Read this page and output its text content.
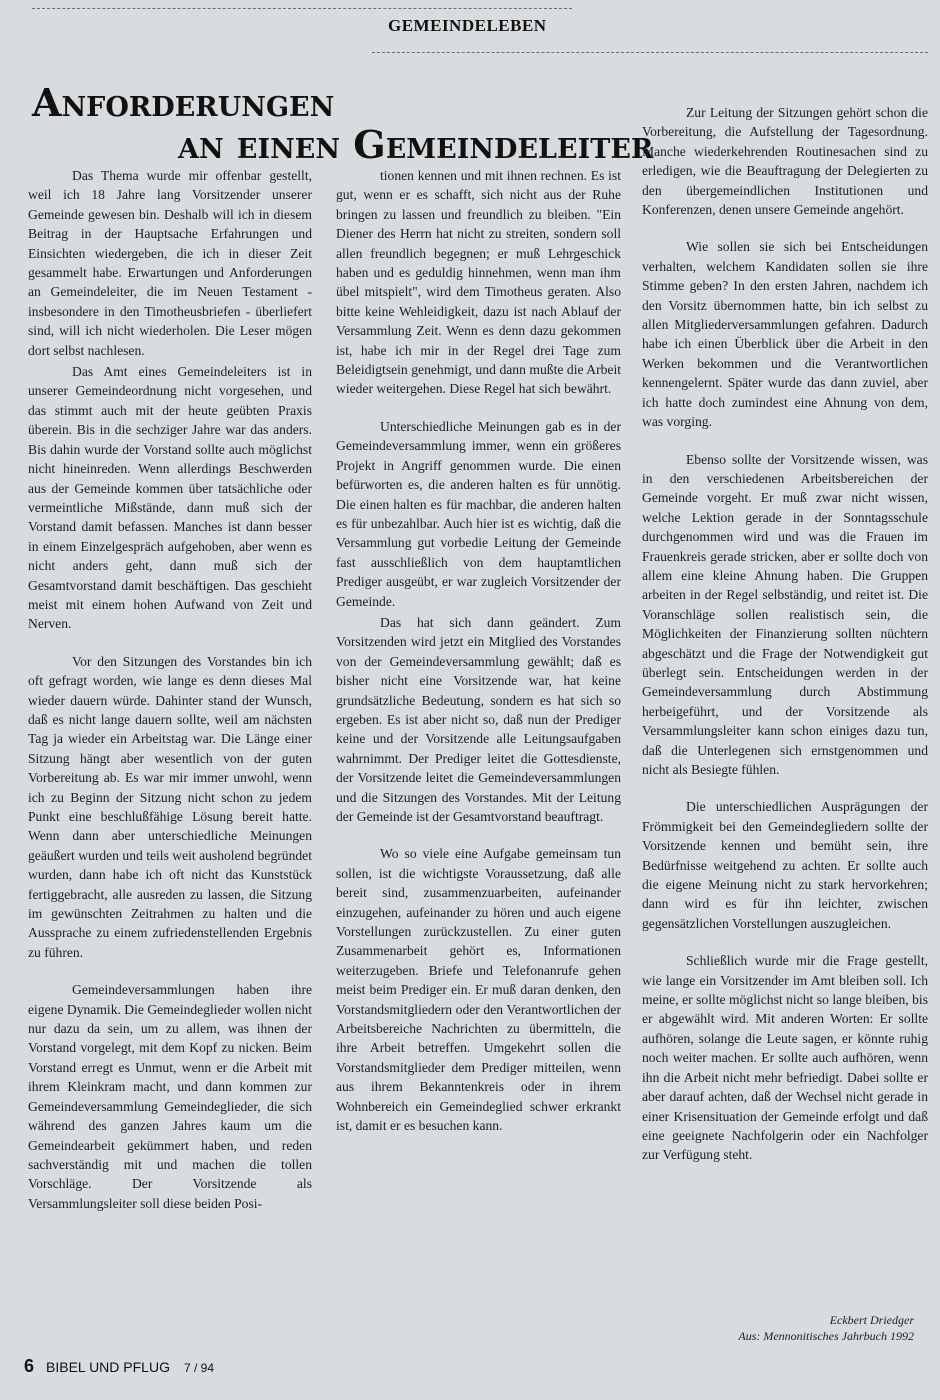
GEMEINDELEBEN
Anforderungen
an einen Gemeindeleiter

Das Thema wurde mir offenbar gestellt, weil ich 18 Jahre lang Vorsitzender unserer Gemeinde gewesen bin. Deshalb will ich in diesem Beitrag in der Hauptsache Erfahrungen und Einsichten wiedergeben, die ich in dieser Zeit gesammelt habe. Erwartungen und Anforderungen an Gemeindeleiter, die im Neuen Testament - insbesondere in den Timotheusbriefen - überliefert sind, will ich nicht wiederholen. Die Leser mögen dort selbst nachlesen.

Das Amt eines Gemeindeleiters ist in unserer Gemeindeordnung nicht vorgesehen, und das stimmt auch mit der heute geübten Praxis überein. Bis in die sechziger Jahre war das anders. Bis dahin wurde der Vorstand sollte auch möglichst nicht hineinreden. Wenn allerdings Beschwerden aus der Gemeinde kommen über tatsächliche oder vermeintliche Mißstände, dann muß sich der Vorstand damit befassen. Manches ist dann besser in einem Einzelgespräch aufgehoben, aber wenn es nicht anders geht, dann muß sich der Gesamtvorstand damit beschäftigen. Das geschieht meist mit einem hohen Aufwand von Zeit und Nerven.

Vor den Sitzungen des Vorstandes bin ich oft gefragt worden, wie lange es denn dieses Mal wieder dauern würde. Dahinter stand der Wunsch, daß es nicht lange dauern sollte, weil am nächsten Tag ja wieder ein Arbeitstag war. Die Länge einer Sitzung hängt aber wesentlich von der guten Vorbereitung ab. Es war mir immer unwohl, wenn ich zu Beginn der Sitzung nicht schon zu jedem Punkt eine beschlußfähige Lösung bereit hatte. Wenn dann aber unterschiedliche Meinungen geäußert wurden und teils weit ausholend begründet wurden, dann habe ich oft nicht das Kunststück fertiggebracht, alle ausreden zu lassen, die Sitzung im gewünschten Zeitrahmen zu halten und die Aussprache zu einem zufriedenstellenden Ergebnis zu führen.

Gemeindeversammlungen haben ihre eigene Dynamik. Die Gemeindeglieder wollen nicht nur dazu da sein, um zu allem, was ihnen der Vorstand vorgelegt, mit dem Kopf zu nicken. Beim Vorstand erregt es Unmut, wenn er die Arbeit mit ihrem Kleinkram macht, und dann kommen zur Gemeindeversammlung Gemeindeglieder, die sich während des ganzen Jahres kaum um die Gemeindearbeit gekümmert haben, und reden sachverständig mit und machen die tollen Vorschläge. Der Vorsitzende als Versammlungsleiter soll diese beiden Posi-

tionen kennen und mit ihnen rechnen. Es ist gut, wenn er es schafft, sich nicht aus der Ruhe bringen zu lassen und freundlich zu bleiben. "Ein Diener des Herrn hat nicht zu streiten, sondern soll allen freundlich begegnen; er muß Lehrgeschick haben und es geduldig hinnehmen, wenn man ihm übel mitspielt", wird dem Timotheus geraten. Also bitte keine Wehleidigkeit, dazu ist nach Ablauf der Versammlung Zeit. Wenn es denn dazu gekommen ist, habe ich mir in der Regel drei Tage zum Beleidigtsein genehmigt, und dann mußte die Arbeit wieder weitergehen. Diese Regel hat sich bewährt.

Unterschiedliche Meinungen gab es in der Gemeindeversammlung immer, wenn ein größeres Projekt in Angriff genommen wurde. Die einen befürworten es, die anderen halten es für unnötig. Die einen halten es für machbar, die anderen halten es für unbezahlbar. Auch hier ist es wichtig, daß die Versammlung gut vorbedie Leitung der Gemeinde fast ausschließlich von dem hauptamtlichen Prediger ausgeübt, er war zugleich Vorsitzender der Gemeinde.

Das hat sich dann geändert. Zum Vorsitzenden wird jetzt ein Mitglied des Vorstandes von der Gemeindeversammlung gewählt; daß es bisher nicht eine Vorsitzende war, hat keine grundsätzliche Bedeutung, sondern es hat sich so ergeben. Es ist aber nicht so, daß nun der Prediger keine und der Vorsitzende alle Leitungsaufgaben wahrnimmt. Der Prediger leitet die Gottesdienste, der Vorsitzende leitet die Gemeindeversammlungen und die Sitzungen des Vorstandes. Mit der Leitung der Gemeinde ist der Gesamtvorstand beauftragt.

Wo so viele eine Aufgabe gemeinsam tun sollen, ist die wichtigste Voraussetzung, daß alle bereit sind, zusammenzuarbeiten, aufeinander einzugehen, aufeinander zu hören und auch eigene Vorstellungen zurückzustellen. Zu einer guten Zusammenarbeit gehört es, Informationen weiterzugeben. Briefe und Telefonanrufe gehen meist beim Prediger ein. Er muß daran denken, den Vorstandsmitgliedern oder den Verantwortlichen der Arbeitsbereiche Nachrichten zu übermitteln, die ihre Arbeit betreffen. Umgekehrt sollen die Vorstandsmitglieder dem Prediger mitteilen, wenn aus ihrem Bekanntenkreis oder in ihrem Wohnbereich ein Gemeindeglied schwer erkrankt ist, damit er es besuchen kann.

Zur Leitung der Sitzungen gehört schon die Vorbereitung, die Aufstellung der Tagesordnung. Manche wiederkehrenden Routinesachen sind zu erledigen, wie die Beauftragung der Delegierten zu den übergemeindlichen Institutionen und Konferenzen, denen unsere Gemeinde angehört.

Wie sollen sie sich bei Entscheidungen verhalten, welchem Kandidaten sollen sie ihre Stimme geben? In den ersten Jahren, nachdem ich den Vorsitz übernommen hatte, bin ich selbst zu allen Mitgliederversammlungen gefahren. Dadurch habe ich einen Überblick über die Arbeit in den Werken bekommen und die Verantwortlichen kennengelernt. Später wurde das dann zuviel, aber ich hatte doch zumindest eine Ahnung von dem, was vorging.

Ebenso sollte der Vorsitzende wissen, was in den verschiedenen Arbeitsbereichen der Gemeinde vorgeht. Er muß zwar nicht wissen, welche Lektion gerade in der Sonntagsschule durchgenommen wird und was die Frauen im Frauenkreis gerade stricken, aber er sollte doch von allem eine kleine Ahnung haben. Die Gruppen arbeiten in der Regel selbständig, und reitet ist. Die Voranschläge sollen realistisch sein, die Möglichkeiten der Finanzierung sollten nüchtern abgeschätzt und die Frage der Notwendigkeit gut überlegt sein. Entscheidungen werden in der Gemeindeversammlung durch Abstimmung herbeigeführt, und der Vorsitzende als Versammlungsleiter kann schon einiges dazu tun, daß die Unterlegenen sich ernstgenommen und nicht als Besiegte fühlen.

Die unterschiedlichen Ausprägungen der Frömmigkeit bei den Gemeindegliedern sollte der Vorsitzende kennen und bemüht sein, ihre Bedürfnisse weitgehend zu achten. Er sollte auch die eigene Meinung nicht zu stark hervorkehren; dann wird es für ihn leichter, zwischen gegensätzlichen Vorstellungen auszugleichen.

Schließlich wurde mir die Frage gestellt, wie lange ein Vorsitzender im Amt bleiben soll. Ich meine, er sollte möglichst nicht so lange bleiben, bis er abgewählt wird. Mit anderen Worten: Er sollte aufhören, solange die Leute sagen, er könnte ruhig noch weiter machen. Er sollte auch aufhören, wenn ihn die Arbeit nicht mehr befriedigt. Dabei sollte er aber darauf achten, daß der Wechsel nicht gerade in einer Krisensituation der Gemeinde erfolgt und daß eine geeignete Nachfolgerin oder ein Nachfolger zur Verfügung steht.

Eckbert Driedger
Aus: Mennonitisches Jahrbuch 1992
6 BIBEL UND PFLUG 7 / 94
